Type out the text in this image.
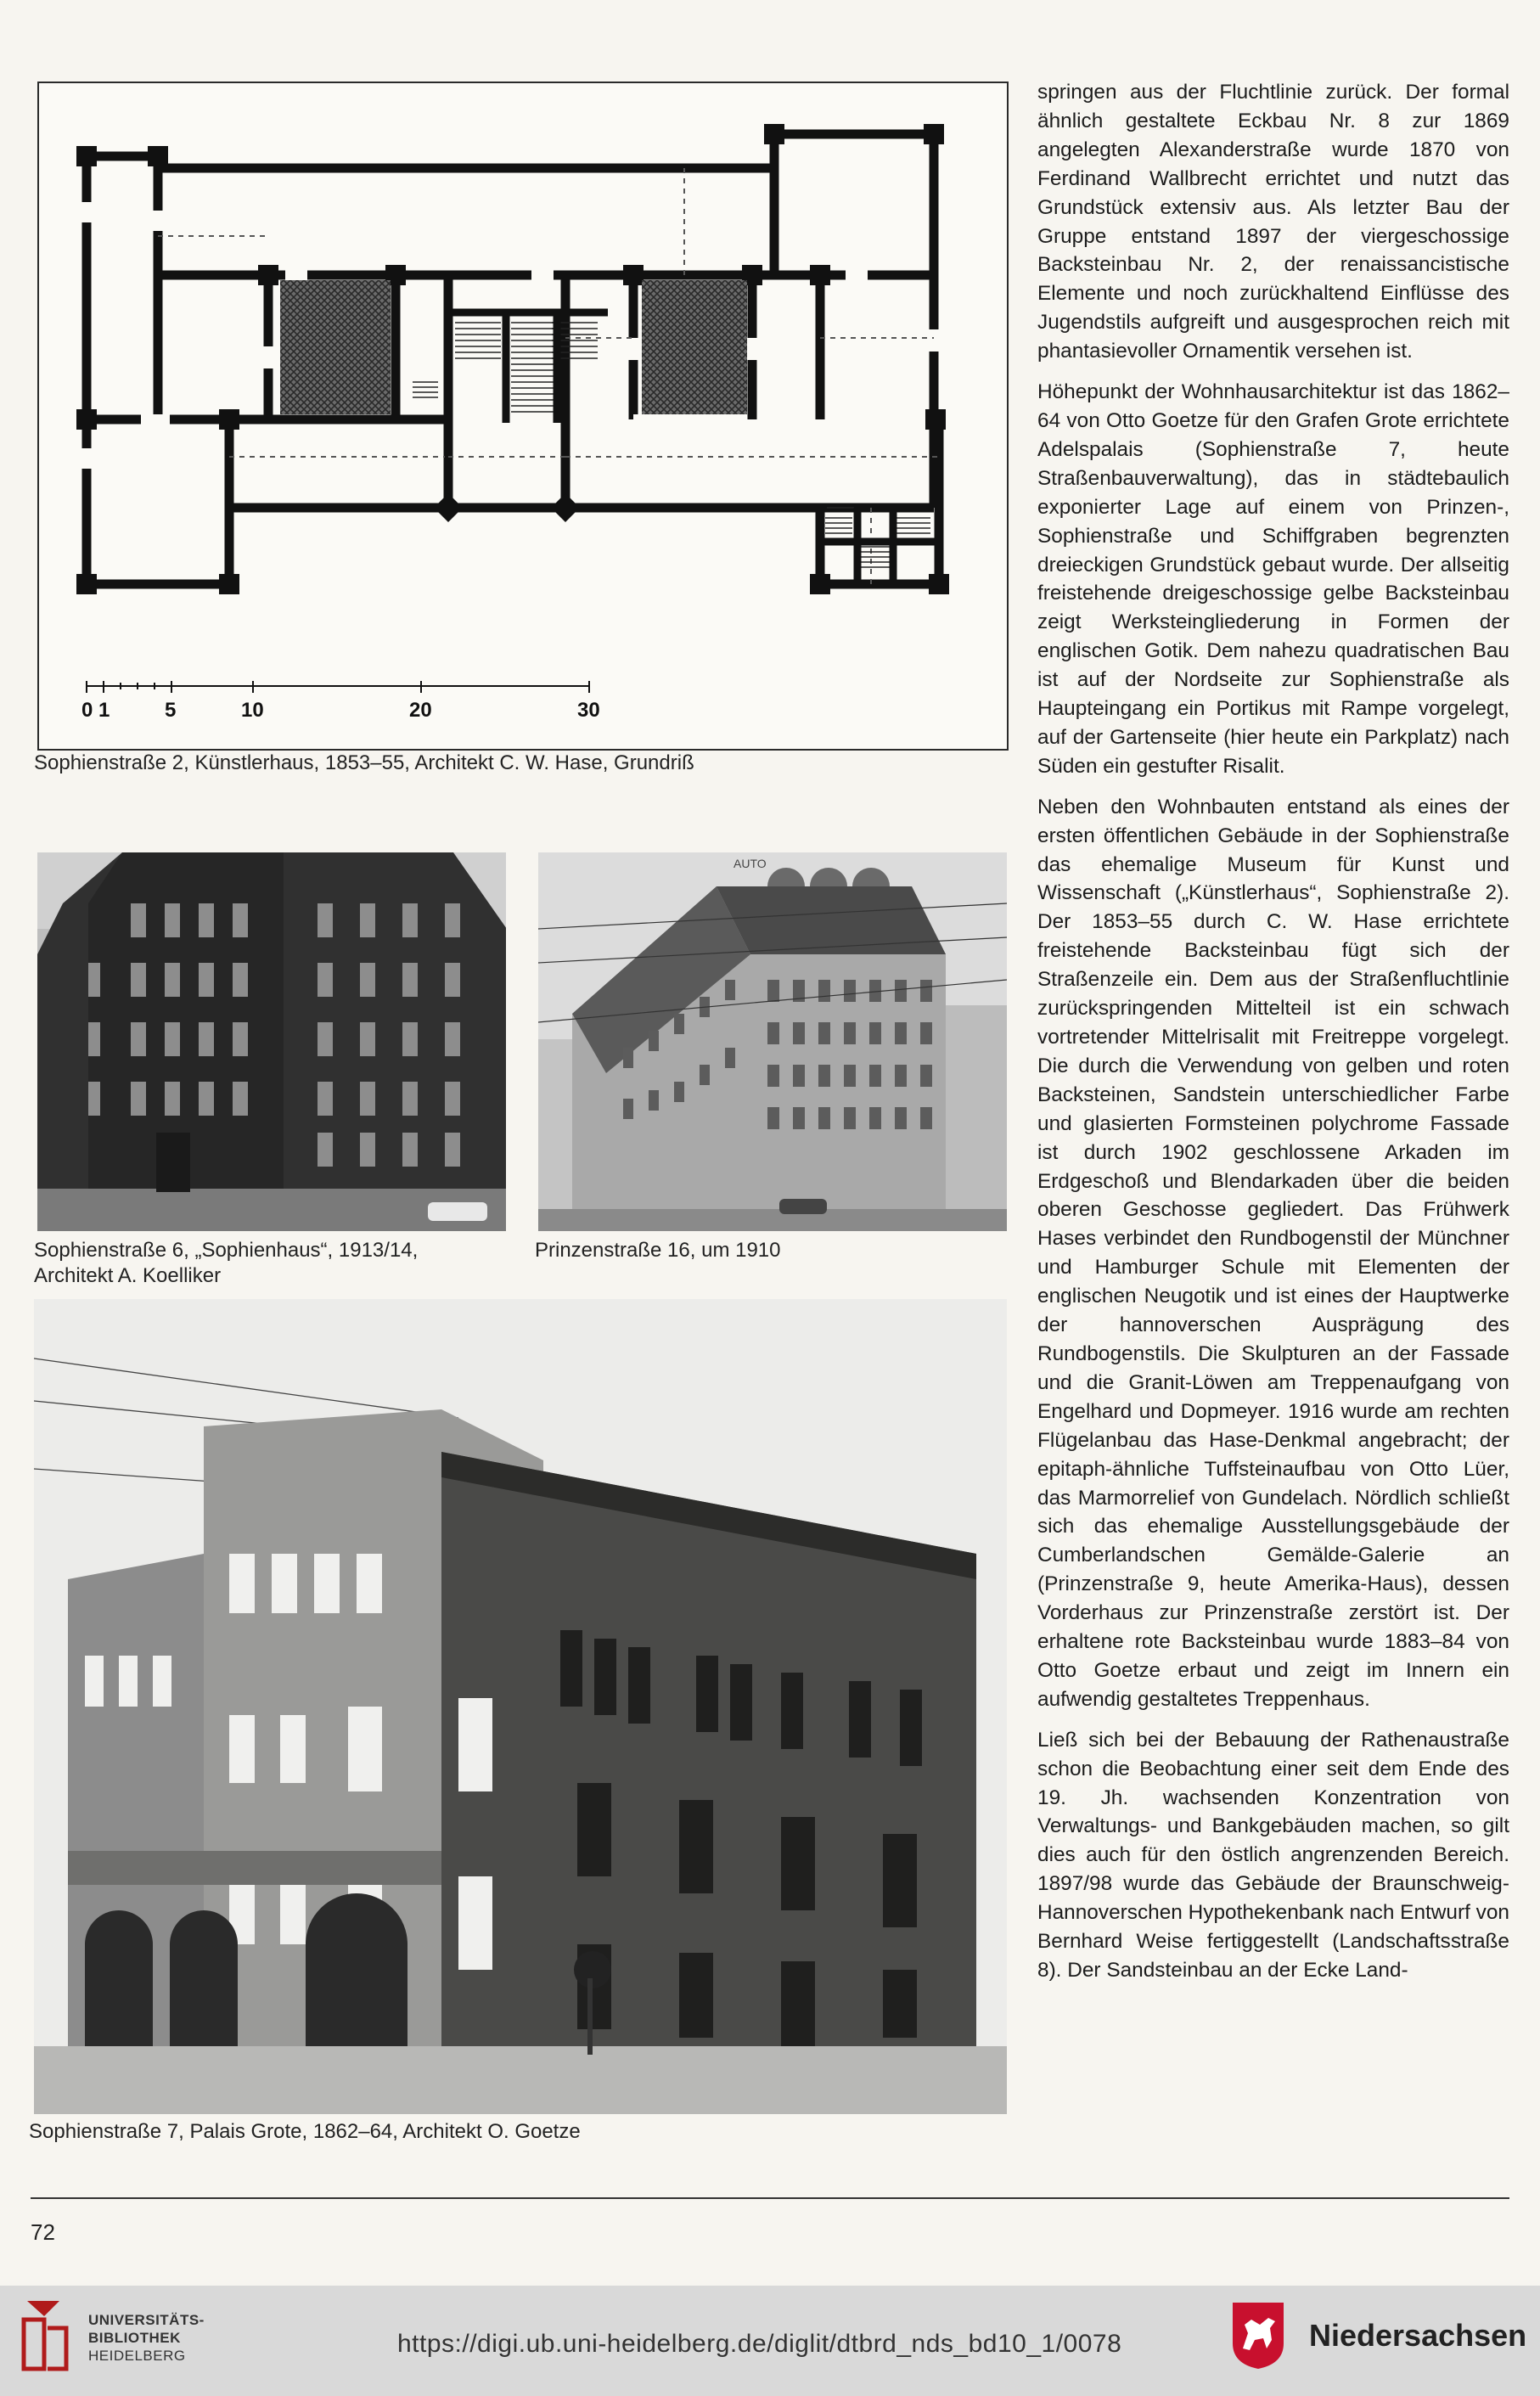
0 1	5	10	20	30
Sophienstraße 2, Künstlerhaus, 1853–55, Architekt C. W. Hase, Grundriß
Sophienstraße 6, „Sophienhaus“, 1913/14,
Architekt A. Koelliker
AUTO
Prinzenstraße 16, um 1910
Sophienstraße 7, Palais Grote, 1862–64, Architekt O. Goetze

springen aus der Fluchtlinie zurück. Der formal ähnlich gestaltete Eckbau Nr. 8 zur 1869 angelegten Alexanderstraße wurde 1870 von Ferdinand Wallbrecht errichtet und nutzt das Grundstück extensiv aus. Als letzter Bau der Gruppe entstand 1897 der viergeschossige Backsteinbau Nr. 2, der renaissancistische Elemente und noch zurückhaltend Einflüsse des Jugendstils aufgreift und ausgesprochen reich mit phantasievoller Ornamentik versehen ist.

Höhepunkt der Wohnhausarchitektur ist das 1862–64 von Otto Goetze für den Grafen Grote errichtete Adelspalais (Sophienstraße 7, heute Straßenbauverwaltung), das in städtebaulich exponierter Lage auf einem von Prinzen-, Sophienstraße und Schiffgraben begrenzten dreieckigen Grundstück gebaut wurde. Der allseitig freistehende dreigeschossige gelbe Backsteinbau zeigt Werksteingliederung in Formen der englischen Gotik. Dem nahezu quadratischen Bau ist auf der Nordseite zur Sophienstraße als Haupteingang ein Portikus mit Rampe vorgelegt, auf der Gartenseite (hier heute ein Parkplatz) nach Süden ein gestufter Risalit.

Neben den Wohnbauten entstand als eines der ersten öffentlichen Gebäude in der Sophienstraße das ehemalige Museum für Kunst und Wissenschaft („Künstlerhaus“, Sophienstraße 2). Der 1853–55 durch C. W. Hase errichtete freistehende Backsteinbau fügt sich der Straßenzeile ein. Dem aus der Straßenfluchtlinie zurückspringenden Mittelteil ist ein schwach vortretender Mittelrisalit mit Freitreppe vorgelegt. Die durch die Verwendung von gelben und roten Backsteinen, Sandstein unterschiedlicher Farbe und glasierten Formsteinen polychrome Fassade ist durch 1902 geschlossene Arkaden im Erdgeschoß und Blendarkaden über die beiden oberen Geschosse gegliedert. Das Frühwerk Hases verbindet den Rundbogenstil der Münchner und Hamburger Schule mit Elementen der englischen Neugotik und ist eines der Hauptwerke der hannoverschen Ausprägung des Rundbogenstils. Die Skulpturen an der Fassade und die Granit-Löwen am Treppenaufgang von Engelhard und Dopmeyer. 1916 wurde am rechten Flügelanbau das Hase-Denkmal angebracht; der epitaph-ähnliche Tuffsteinaufbau von Otto Lüer, das Marmorrelief von Gundelach. Nördlich schließt sich das ehemalige Ausstellungsgebäude der Cumberlandschen Gemälde-Galerie an (Prinzenstraße 9, heute Amerika-Haus), dessen Vorderhaus zur Prinzenstraße zerstört ist. Der erhaltene rote Backsteinbau wurde 1883–84 von Otto Goetze erbaut und zeigt im Innern ein aufwendig gestaltetes Treppenhaus.

Ließ sich bei der Bebauung der Rathenaustraße schon die Beobachtung einer seit dem Ende des 19. Jh. wachsenden Konzentration von Verwaltungs- und Bankgebäuden machen, so gilt dies auch für den östlich angrenzenden Bereich. 1897/98 wurde das Gebäude der Braunschweig-Hannoverschen Hypothekenbank nach Entwurf von Bernhard Weise fertiggestellt (Landschaftsstraße 8). Der Sandsteinbau an der Ecke Land-

72
UNIVERSITÄTS-
BIBLIOTHEK
HEIDELBERG	https://digi.ub.uni-heidelberg.de/diglit/dtbrd_nds_bd10_1/0078	Niedersachsen
